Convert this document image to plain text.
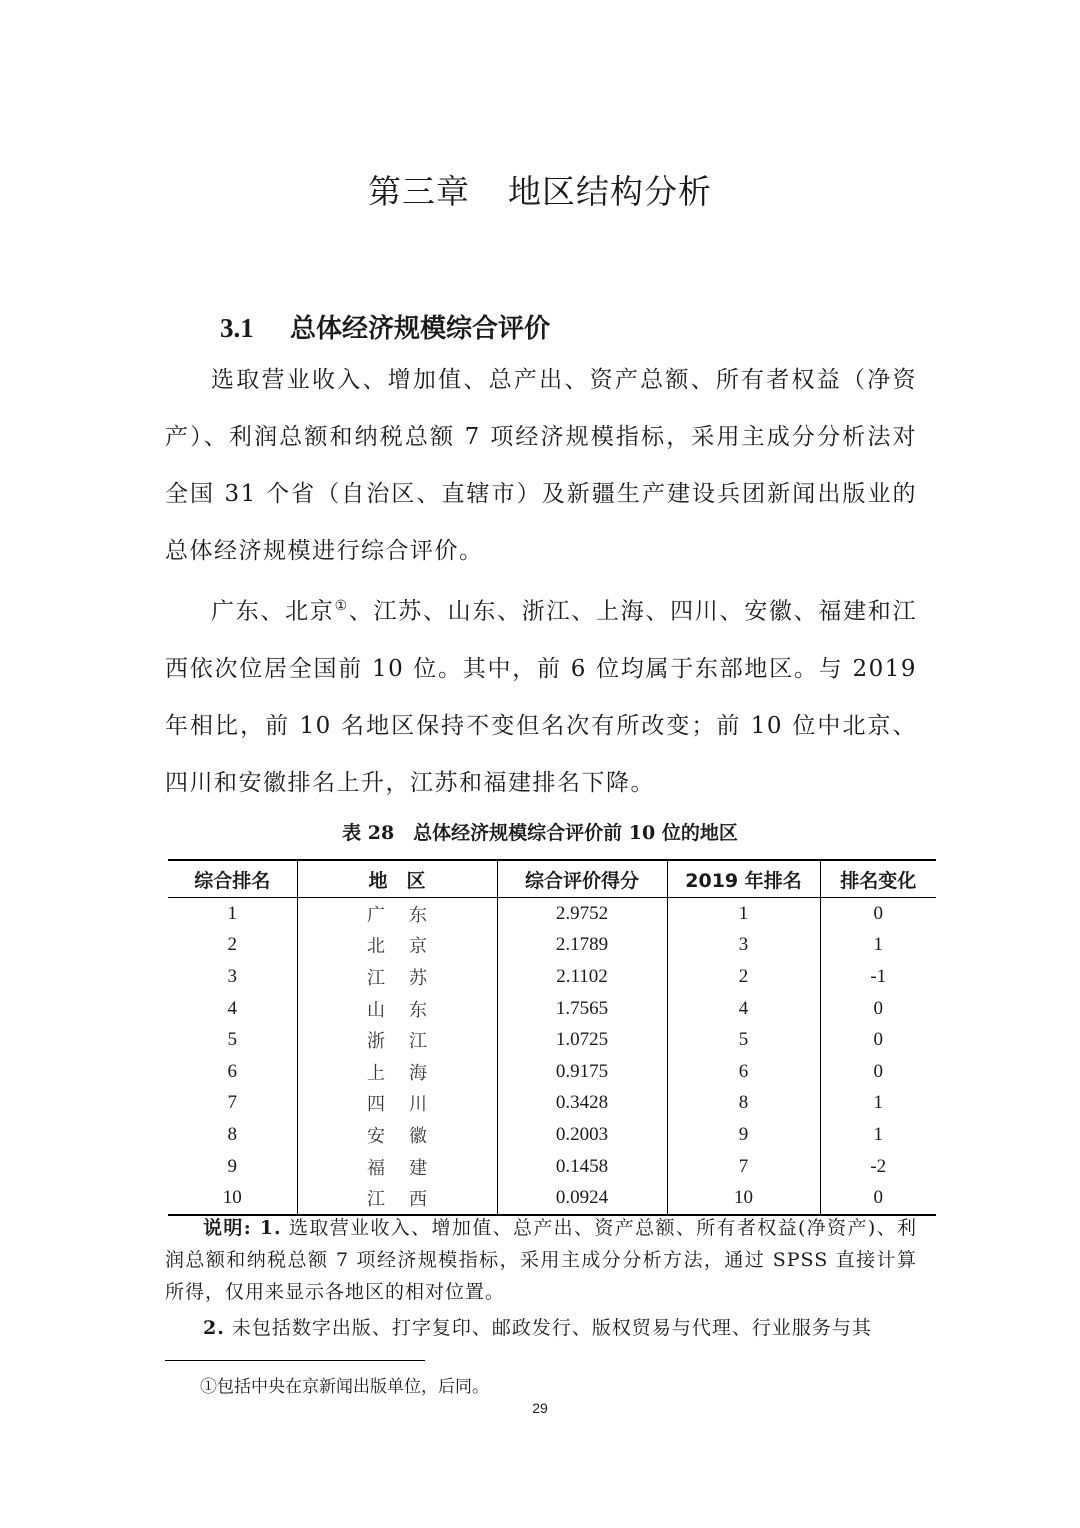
第三章 地区结构分析
3.1 总体经济规模综合评价
选取营业收入、增加值、总产出、资产总额、所有者权益（净资产）、利润总额和纳税总额 7 项经济规模指标，采用主成分分析法对全国 31 个省（自治区、直辖市）及新疆生产建设兵团新闻出版业的总体经济规模进行综合评价。
广东、北京①、江苏、山东、浙江、上海、四川、安徽、福建和江西依次位居全国前 10 位。其中，前 6 位均属于东部地区。与 2019 年相比，前 10 名地区保持不变但名次有所改变；前 10 位中北京、四川和安徽排名上升，江苏和福建排名下降。
表 28　总体经济规模综合评价前 10 位的地区
综合排名	地　区	综合评价得分	2019 年排名	排名变化
1	广东	2.9752	1	0
2	北京	2.1789	3	1
3	江苏	2.1102	2	-1
4	山东	1.7565	4	0
5	浙江	1.0725	5	0
6	上海	0.9175	6	0
7	四川	0.3428	8	1
8	安徽	0.2003	9	1
9	福建	0.1458	7	-2
10	江西	0.0924	10	0
说明: 1. 选取营业收入、增加值、总产出、资产总额、所有者权益(净资产)、利润总额和纳税总额 7 项经济规模指标，采用主成分分析方法，通过 SPSS 直接计算所得，仅用来显示各地区的相对位置。
2. 未包括数字出版、打字复印、邮政发行、版权贸易与代理、行业服务与其
①包括中央在京新闻出版单位，后同。
29
